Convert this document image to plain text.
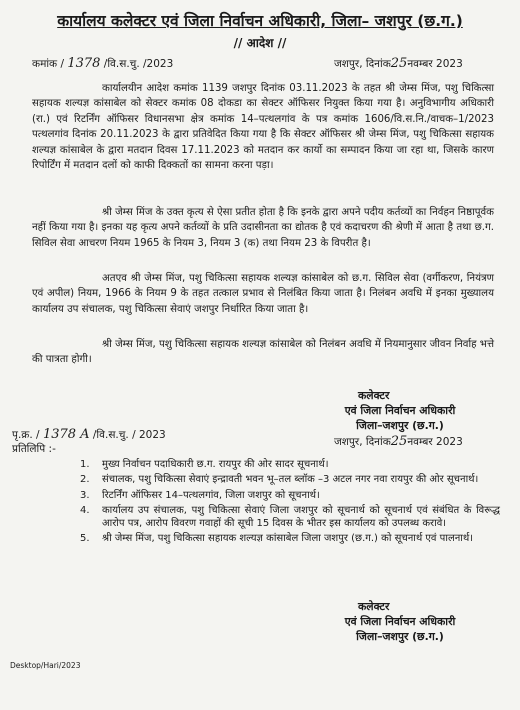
कार्यालय कलेक्टर एवं जिला निर्वाचन अधिकारी, जिला– जशपुर (छ.ग.)
// आदेश //
कमांक / 1378 /वि.स.चु. /2023	जशपुर, दिनांक25नवम्बर 2023

कार्यालयीन आदेश कमांक 1139 जशपुर दिनांक 03.11.2023 के तहत श्री जेम्स मिंज, पशु चिकित्सा सहायक शल्यज्ञ कांसाबेल को सेक्टर कमांक 08 दोकडा का सेक्टर ऑफिसर नियुक्त किया गया है। अनुविभागीय अधिकारी (रा.) एवं रिटर्निंग ऑफिसर विधानसभा क्षेत्र कमांक 14–पत्थलगांव के पत्र कमांक 1606/वि.स.नि./वाचक–1/2023 पत्थलगांव दिनांक 20.11.2023 के द्वारा प्रतिवेदित किया गया है कि सेक्टर ऑफिसर श्री जेम्स मिंज, पशु चिकित्सा सहायक शल्यज्ञ कांसाबेल के द्वारा मतदान दिवस 17.11.2023 को मतदान कर कार्यो का सम्पादन किया जा रहा था, जिसके कारण रिपोर्टिंग में मतदान दलों को काफी दिक्कतों का सामना करना पड़ा।

श्री जेम्स मिंज के उक्त कृत्य से ऐसा प्रतीत होता है कि इनके द्वारा अपने पदीय कर्तव्यों का निर्वहन निष्ठापूर्वक नहीं किया गया है। इनका यह कृत्य अपने कर्तव्यों के प्रति उदासीनता का द्योतक है एवं कदाचरण की श्रेणी में आता है तथा छ.ग. सिविल सेवा आचरण नियम 1965 के नियम 3, नियम 3 (क) तथा नियम 23 के विपरीत है।

अतएव श्री जेम्स मिंज, पशु चिकित्सा सहायक शल्यज्ञ कांसाबेल को छ.ग. सिविल सेवा (वर्गीकरण, नियंत्रण एवं अपील) नियम, 1966 के नियम 9 के तहत तत्काल प्रभाव से निलंबित किया जाता है। निलंबन अवधि में इनका मुख्यालय कार्यालय उप संचालक, पशु चिकित्सा सेवाएं जशपुर निर्धारित किया जाता है।

श्री जेम्स मिंज, पशु चिकित्सा सहायक शल्यज्ञ कांसाबेल को निलंबन अवधि में नियमानुसार जीवन निर्वाह भत्ते की पात्रता होगी।

कलेक्टर
एवं जिला निर्वाचन अधिकारी
जिला–जशपुर (छ.ग.)
जशपुर, दिनांक25नवम्बर 2023
पृ.क्र. / 1378 A /वि.स.चु. / 2023
प्रतिलिपि :-
1. मुख्य निर्वाचन पदाधिकारी छ.ग. रायपुर की ओर सादर सूचनार्थ।
2. संचालक, पशु चिकित्सा सेवाएं इन्द्रावती भवन भू–तल ब्लॉक –3 अटल नगर नवा रायपुर की ओर सूचनार्थ।
3. रिटर्निंग ऑफिसर 14–पत्थलगांव, जिला जशपुर को सूचनार्थ।
4. कार्यालय उप संचालक, पशु चिकित्सा सेवाएं जिला जशपुर को सूचनार्थ को सूचनार्थ एवं संबंधित के विरूद्ध आरोप पत्र, आरोप विवरण गवाहों की सूची 15 दिवस के भीतर इस कार्यालय को उपलब्ध करावे।
5. श्री जेम्स मिंज, पशु चिकित्सा सहायक शल्यज्ञ कांसाबेल जिला जशपुर (छ.ग.) को सूचनार्थ एवं पालनार्थ।
कलेक्टर
एवं जिला निर्वाचन अधिकारी
जिला–जशपुर (छ.ग.)
Desktop/Hari/2023
